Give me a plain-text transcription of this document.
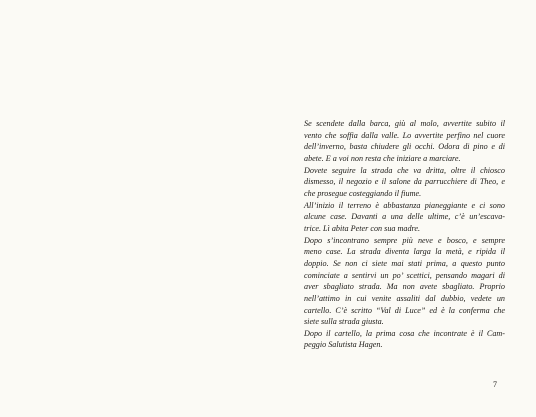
Se scendete dalla barca, giù al molo, avvertite subito il
vento che soffia dalla valle. Lo avvertite perfino nel cuore
dell’inverno, basta chiudere gli occhi. Odora di pino e di
abete. E a voi non resta che iniziare a marciare.

Dovete seguire la strada che va dritta, oltre il chiosco
dismesso, il negozio e il salone da parrucchiere di Theo, e
che prosegue costeggiando il fiume.

All’inizio il terreno è abbastanza pianeggiante e ci sono
alcune case. Davanti a una delle ultime, c’è un’escava-
trice. Lì abita Peter con sua madre.

Dopo s’incontrano sempre più neve e bosco, e sempre
meno case. La strada diventa larga la metà, e ripida il
doppio. Se non ci siete mai stati prima, a questo punto
cominciate a sentirvi un po’ scettici, pensando magari di
aver sbagliato strada. Ma non avete sbagliato. Proprio
nell’attimo in cui venite assaliti dal dubbio, vedete un
cartello. C’è scritto “Val di Luce” ed è la conferma che
siete sulla strada giusta.

Dopo il cartello, la prima cosa che incontrate è il Cam-
peggio Salutista Hagen.

7
